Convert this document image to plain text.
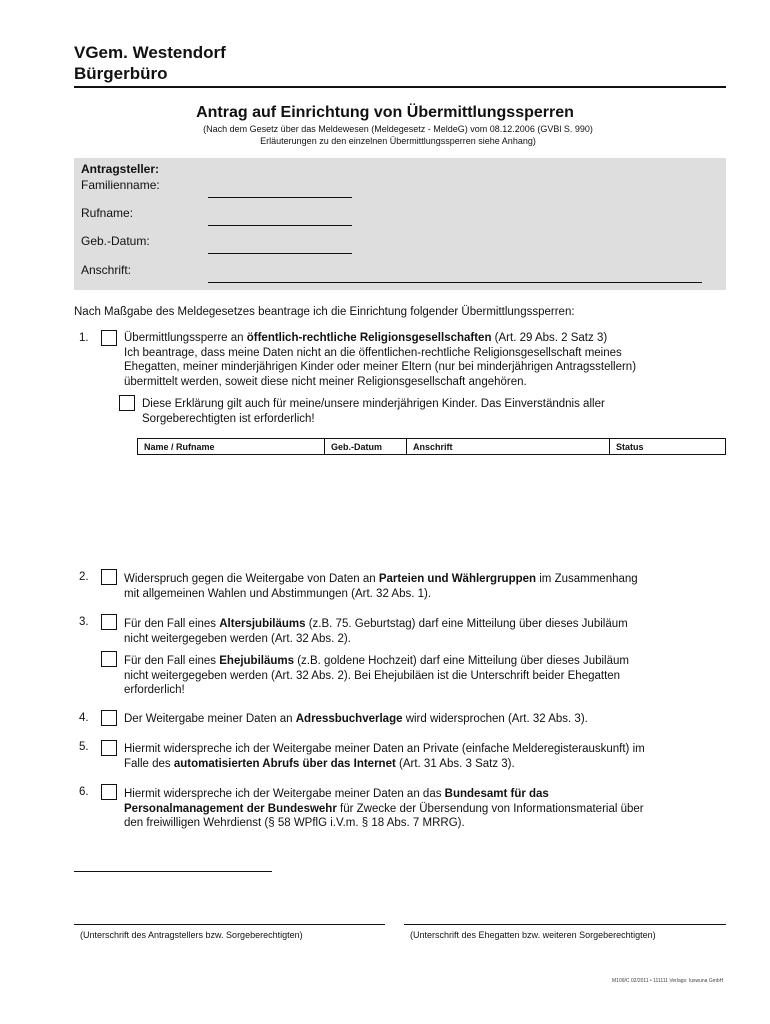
VGem. Westendorf
Bürgerbüro
Antrag auf Einrichtung von Übermittlungssperren
(Nach dem Gesetz über das Meldewesen (Meldegesetz - MeldeG) vom 08.12.2006 (GVBl S. 990)
Erläuterungen zu den einzelnen Übermittlungssperren siehe Anhang)
Antragsteller:
Familienname:
Rufname:
Geb.-Datum:
Anschrift:
Nach Maßgabe des Meldegesetzes beantrage ich die Einrichtung folgender Übermittlungssperren:
1.	Übermittlungssperre an öffentlich-rechtliche Religionsgesellschaften (Art. 29 Abs. 2 Satz 3)
Ich beantrage, dass meine Daten nicht an die öffentlichen-rechtliche Religionsgesellschaft meines
Ehegatten, meiner minderjährigen Kinder oder meiner Eltern (nur bei minderjährigen Antragsstellern)
übermittelt werden, soweit diese nicht meiner Religionsgesellschaft angehören.
Diese Erklärung gilt auch für meine/unsere minderjährigen Kinder. Das Einverständnis aller
Sorgeberechtigten ist erforderlich!
Name / Rufname	Geb.-Datum	Anschrift	Status
2.	Widerspruch gegen die Weitergabe von Daten an Parteien und Wählergruppen im Zusammenhang
mit allgemeinen Wahlen und Abstimmungen (Art. 32 Abs. 1).
3.	Für den Fall eines Altersjubiläums (z.B. 75. Geburtstag) darf eine Mitteilung über dieses Jubiläum
nicht weitergegeben werden (Art. 32 Abs. 2).
Für den Fall eines Ehejubiläums (z.B. goldene Hochzeit) darf eine Mitteilung über dieses Jubiläum
nicht weitergegeben werden (Art. 32 Abs. 2). Bei Ehejubiläen ist die Unterschrift beider Ehegatten
erforderlich!
4.	Der Weitergabe meiner Daten an Adressbuchverlage wird widersprochen (Art. 32 Abs. 3).
5.	Hiermit widerspreche ich der Weitergabe meiner Daten an Private (einfache Melderegisterauskunft) im
Falle des automatisierten Abrufs über das Internet (Art. 31 Abs. 3 Satz 3).
6.	Hiermit widerspreche ich der Weitergabe meiner Daten an das Bundesamt für das
Personalmanagement der Bundeswehr für Zwecke der Übersendung von Informationsmaterial über
den freiwilligen Wehrdienst (§ 58 WPflG i.V.m. § 18 Abs. 7 MRRG).
(Unterschrift des Antragstellers bzw. Sorgeberechtigten)	(Unterschrift des Ehegatten bzw. weiteren Sorgeberechtigten)
M109/C 02/2011 • 111111 Verlags: Iuswuna GmbH
